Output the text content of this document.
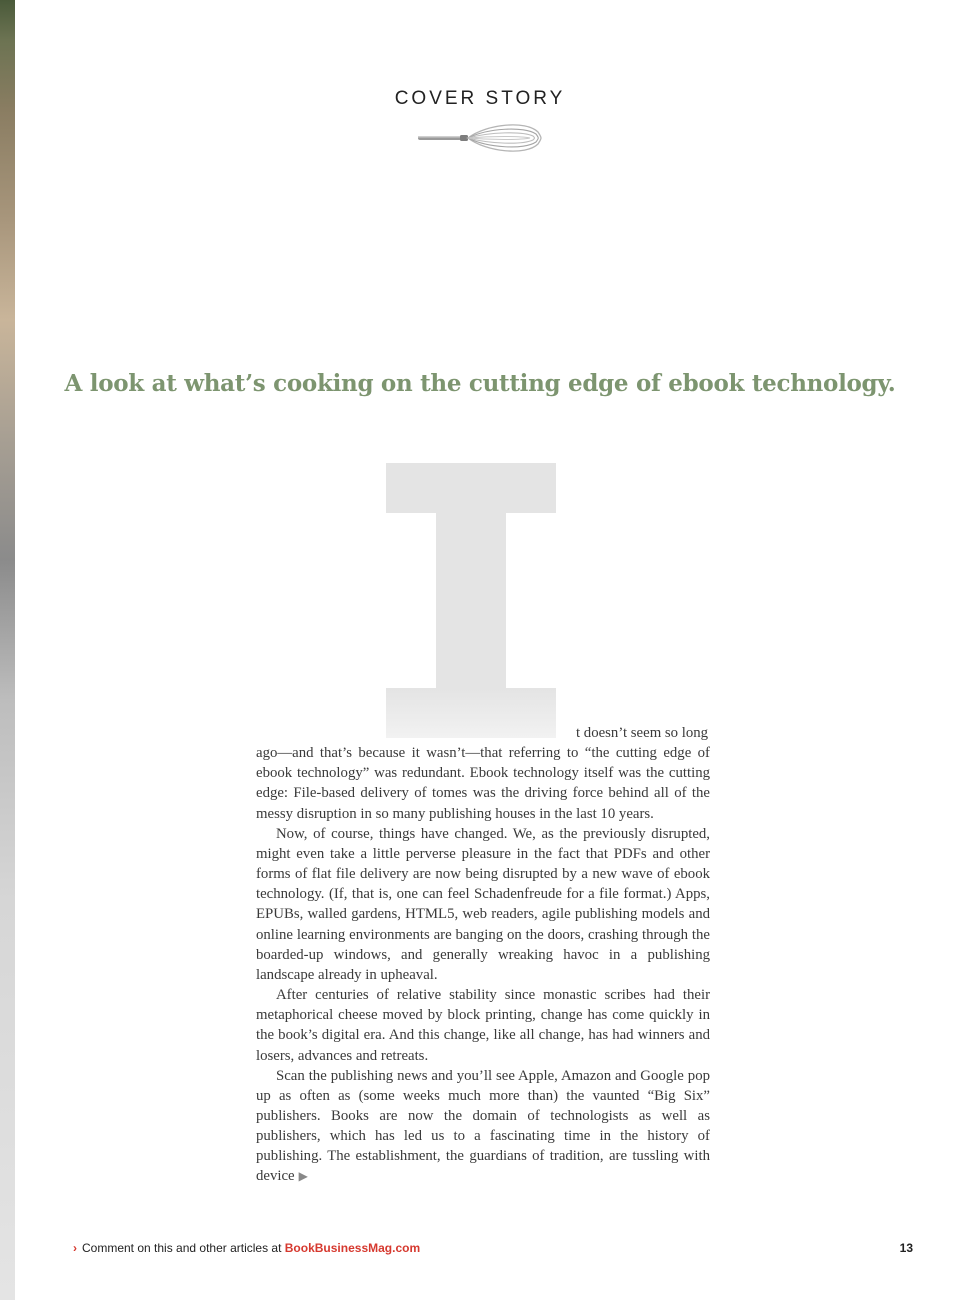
COVER STORY
A look at what’s cooking on the cutting edge of ebook technology.

t doesn’t seem so long
ago—and that’s because it wasn’t—that referring to “the cutting edge of ebook technology” was redundant. Ebook technology itself was the cutting edge: File-based delivery of tomes was the driving force behind all of the messy disruption in so many publishing houses in the last 10 years.

Now, of course, things have changed. We, as the previously disrupted, might even take a little perverse pleasure in the fact that PDFs and other forms of flat file delivery are now being disrupted by a new wave of ebook technology. (If, that is, one can feel Schadenfreude for a file format.) Apps, EPUBs, walled gardens, HTML5, web readers, agile publishing models and online learning environments are banging on the doors, crashing through the boarded-up windows, and generally wreaking havoc in a publishing landscape already in upheaval.

After centuries of relative stability since monastic scribes had their metaphorical cheese moved by block printing, change has come quickly in the book’s digital era. And this change, like all change, has had winners and losers, advances and retreats.

Scan the publishing news and you’ll see Apple, Amazon and Google pop up as often as (some weeks much more than) the vaunted “Big Six” publishers. Books are now the domain of technologists as well as publishers, which has led us to a fascinating time in the history of publishing. The establishment, the guardians of tradition, are tussling with device ▶

› Comment on this and other articles at BookBusinessMag.com	13
